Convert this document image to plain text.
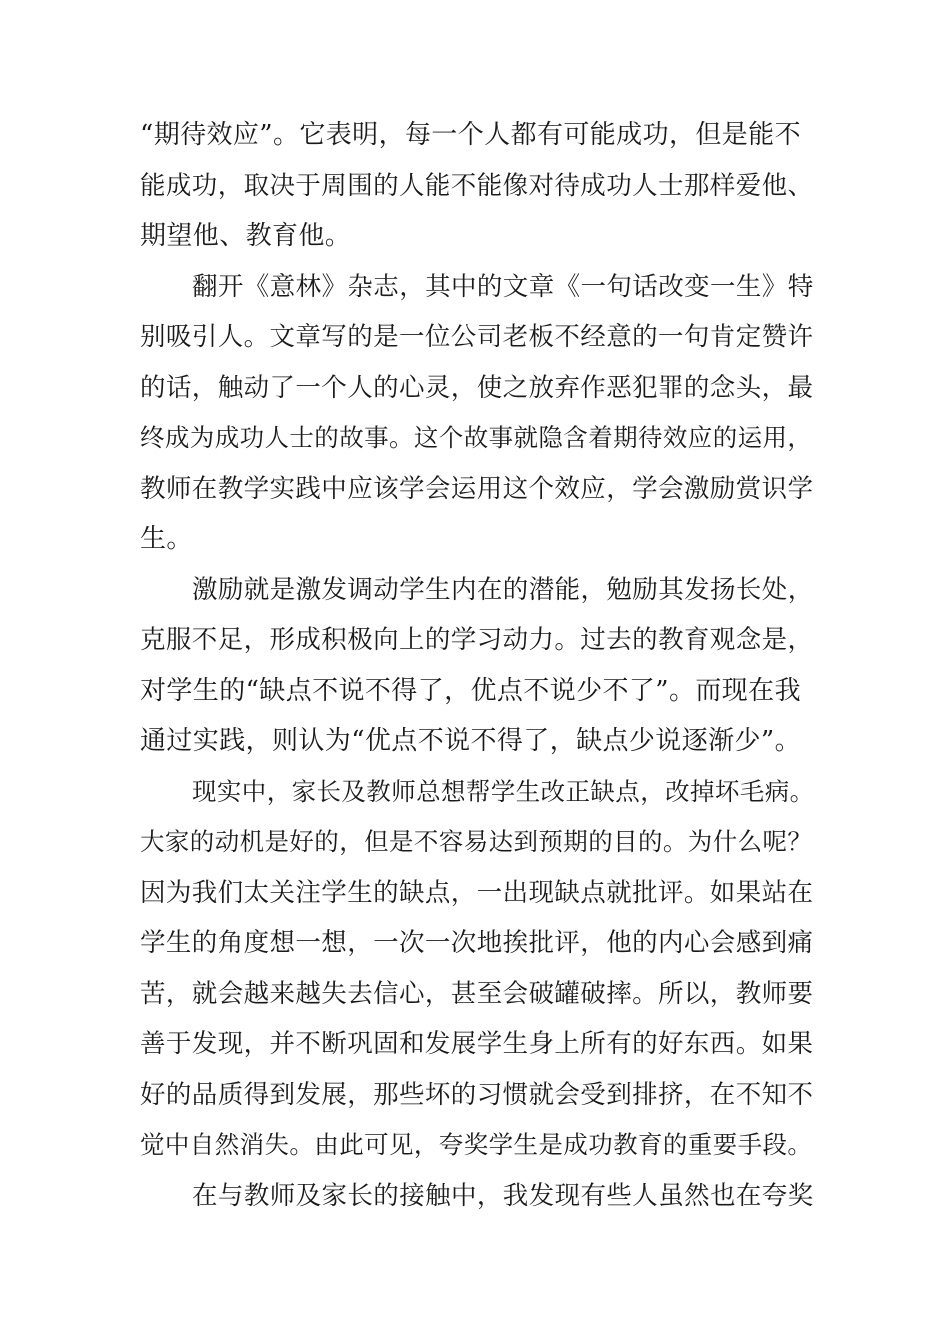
“期待效应”。它表明，每一个人都有可能成功，但是能不
能成功，取决于周围的人能不能像对待成功人士那样爱他、
期望他、教育他。
翻开《意林》杂志，其中的文章《一句话改变一生》特
别吸引人。文章写的是一位公司老板不经意的一句肯定赞许
的话，触动了一个人的心灵，使之放弃作恶犯罪的念头，最
终成为成功人士的故事。这个故事就隐含着期待效应的运用，
教师在教学实践中应该学会运用这个效应，学会激励赏识学
生。
激励就是激发调动学生内在的潜能，勉励其发扬长处，
克服不足，形成积极向上的学习动力。过去的教育观念是，
对学生的“缺点不说不得了，优点不说少不了”。而现在我
通过实践，则认为“优点不说不得了，缺点少说逐渐少”。
现实中，家长及教师总想帮学生改正缺点，改掉坏毛病。
大家的动机是好的，但是不容易达到预期的目的。为什么呢？
因为我们太关注学生的缺点，一出现缺点就批评。如果站在
学生的角度想一想，一次一次地挨批评，他的内心会感到痛
苦，就会越来越失去信心，甚至会破罐破摔。所以，教师要
善于发现，并不断巩固和发展学生身上所有的好东西。如果
好的品质得到发展，那些坏的习惯就会受到排挤，在不知不
觉中自然消失。由此可见，夸奖学生是成功教育的重要手段。
在与教师及家长的接触中，我发现有些人虽然也在夸奖
